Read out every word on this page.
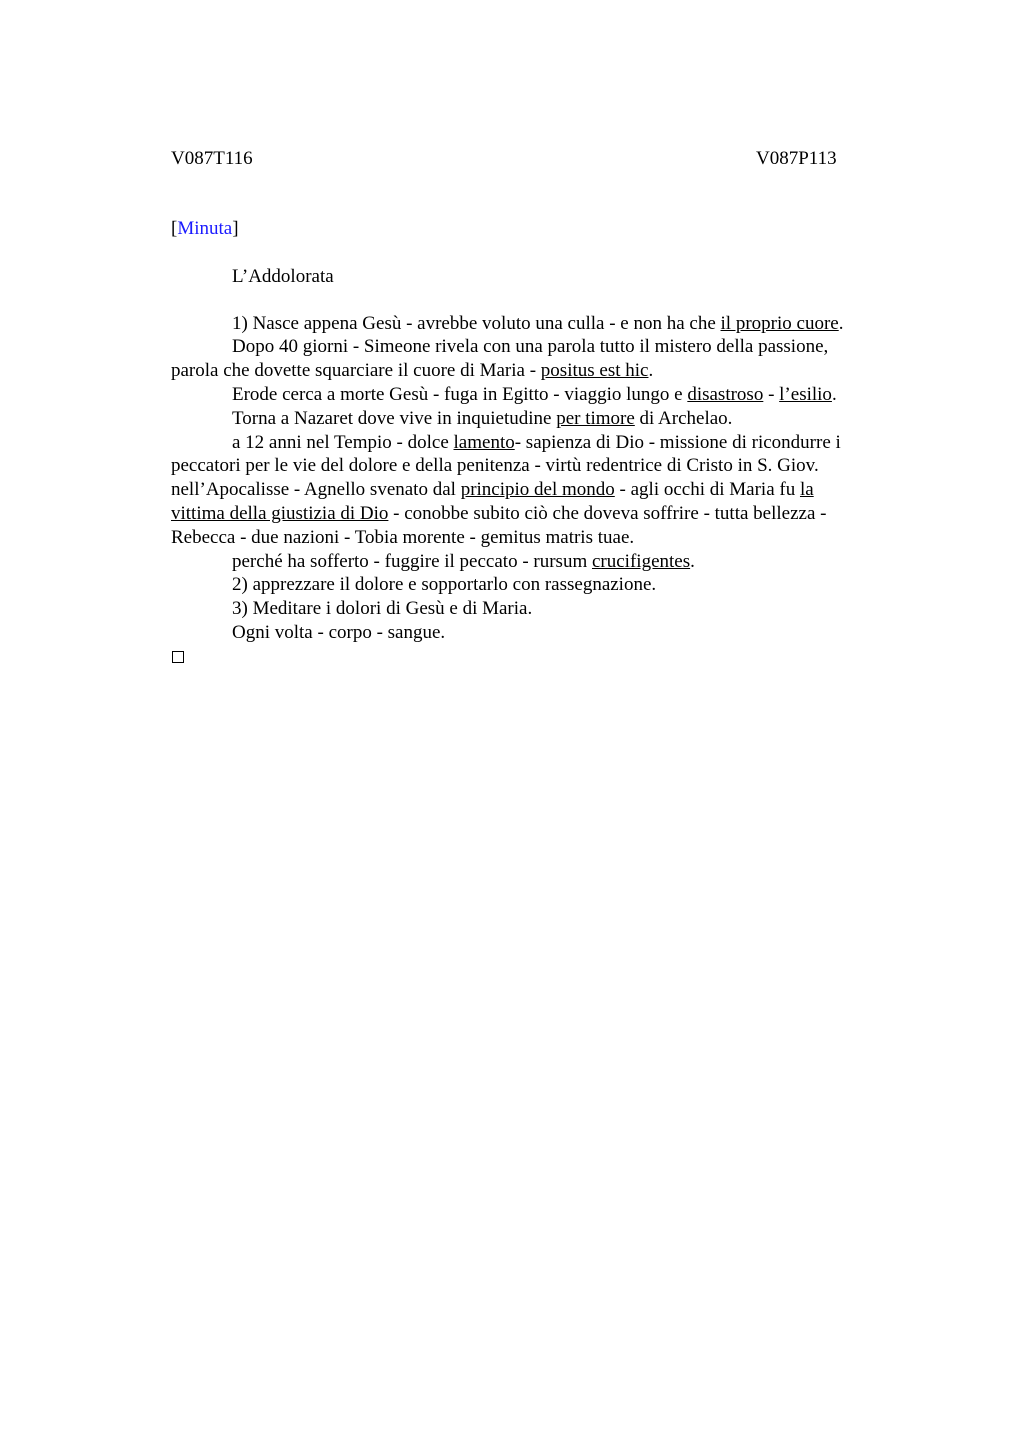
V087T116	V087P113

[Minuta]

L’Addolorata

1) Nasce appena Gesù - avrebbe voluto una culla - e non ha che il proprio cuore.

Dopo 40 giorni - Simeone rivela con una parola tutto il mistero della passione,

parola che dovette squarciare il cuore di Maria - positus est hic.

Erode cerca a morte Gesù - fuga in Egitto - viaggio lungo e disastroso - l’esilio.

Torna a Nazaret dove vive in inquietudine per timore di Archelao.

a 12 anni nel Tempio - dolce lamento- sapienza di Dio - missione di ricondurre i

peccatori per le vie del dolore e della penitenza - virtù redentrice di Cristo in S. Giov.

nell’Apocalisse - Agnello svenato dal principio del mondo - agli occhi di Maria fu la

vittima della giustizia di Dio - conobbe subito ciò che doveva soffrire - tutta bellezza -

Rebecca - due nazioni - Tobia morente - gemitus matris tuae.

perché ha sofferto - fuggire il peccato - rursum crucifigentes.

2) apprezzare il dolore e sopportarlo con rassegnazione.

3) Meditare i dolori di Gesù e di Maria.

Ogni volta - corpo - sangue.
